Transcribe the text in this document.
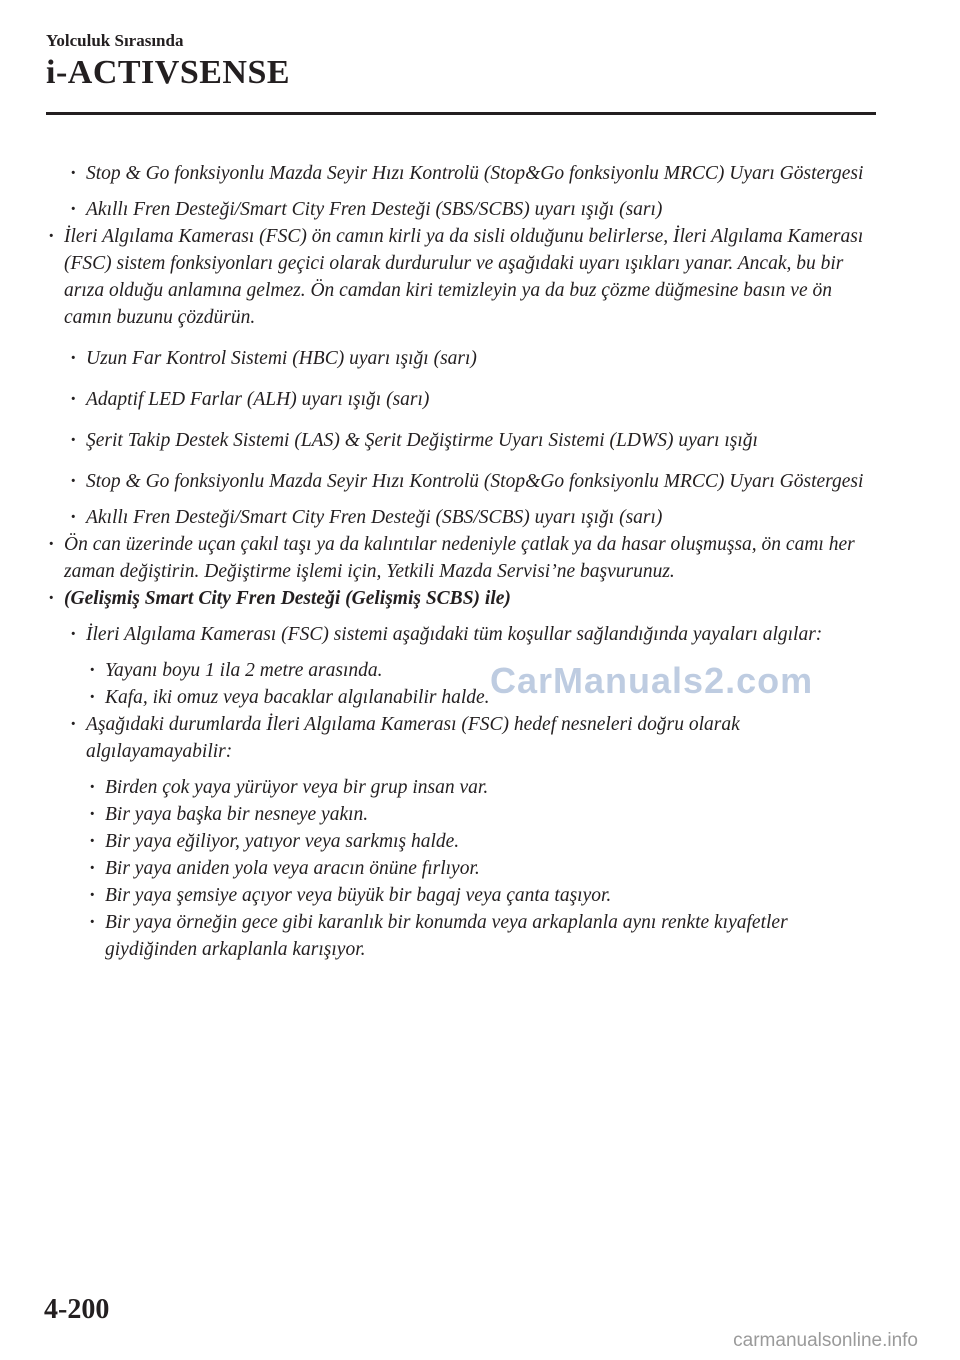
Yolculuk Sırasında
i-ACTIVSENSE
· Stop & Go fonksiyonlu Mazda Seyir Hızı Kontrolü (Stop&Go fonksiyonlu MRCC) Uyarı Göstergesi
· Akıllı Fren Desteği/Smart City Fren Desteği (SBS/SCBS) uyarı ışığı (sarı)
· İleri Algılama Kamerası (FSC) ön camın kirli ya da sisli olduğunu belirlerse, İleri Algılama Kamerası (FSC) sistem fonksiyonları geçici olarak durdurulur ve aşağıdaki uyarı ışıkları yanar. Ancak, bu bir arıza olduğu anlamına gelmez. Ön camdan kiri temizleyin ya da buz çözme düğmesine basın ve ön camın buzunu çözdürün.
· Uzun Far Kontrol Sistemi (HBC) uyarı ışığı (sarı)
· Adaptif LED Farlar (ALH) uyarı ışığı (sarı)
· Şerit Takip Destek Sistemi (LAS) & Şerit Değiştirme Uyarı Sistemi (LDWS) uyarı ışığı
· Stop & Go fonksiyonlu Mazda Seyir Hızı Kontrolü (Stop&Go fonksiyonlu MRCC) Uyarı Göstergesi
· Akıllı Fren Desteği/Smart City Fren Desteği (SBS/SCBS) uyarı ışığı (sarı)
· Ön can üzerinde uçan çakıl taşı ya da kalıntılar nedeniyle çatlak ya da hasar oluşmuşsa, ön camı her zaman değiştirin. Değiştirme işlemi için, Yetkili Mazda Servisi’ne başvurunuz.
· (Gelişmiş Smart City Fren Desteği (Gelişmiş SCBS) ile)
· İleri Algılama Kamerası (FSC) sistemi aşağıdaki tüm koşullar sağlandığında yayaları algılar:
· Yayanı boyu 1 ila 2 metre arasında.
· Kafa, iki omuz veya bacaklar algılanabilir halde.
· Aşağıdaki durumlarda İleri Algılama Kamerası (FSC) hedef nesneleri doğru olarak algılayamayabilir:
· Birden çok yaya yürüyor veya bir grup insan var.
· Bir yaya başka bir nesneye yakın.
· Bir yaya eğiliyor, yatıyor veya sarkmış halde.
· Bir yaya aniden yola veya aracın önüne fırlıyor.
· Bir yaya şemsiye açıyor veya büyük bir bagaj veya çanta taşıyor.
· Bir yaya örneğin gece gibi karanlık bir konumda veya arkaplanla aynı renkte kıyafetler giydiğinden arkaplanla karışıyor.
CarManuals2.com
4-200
carmanualsonline.info
